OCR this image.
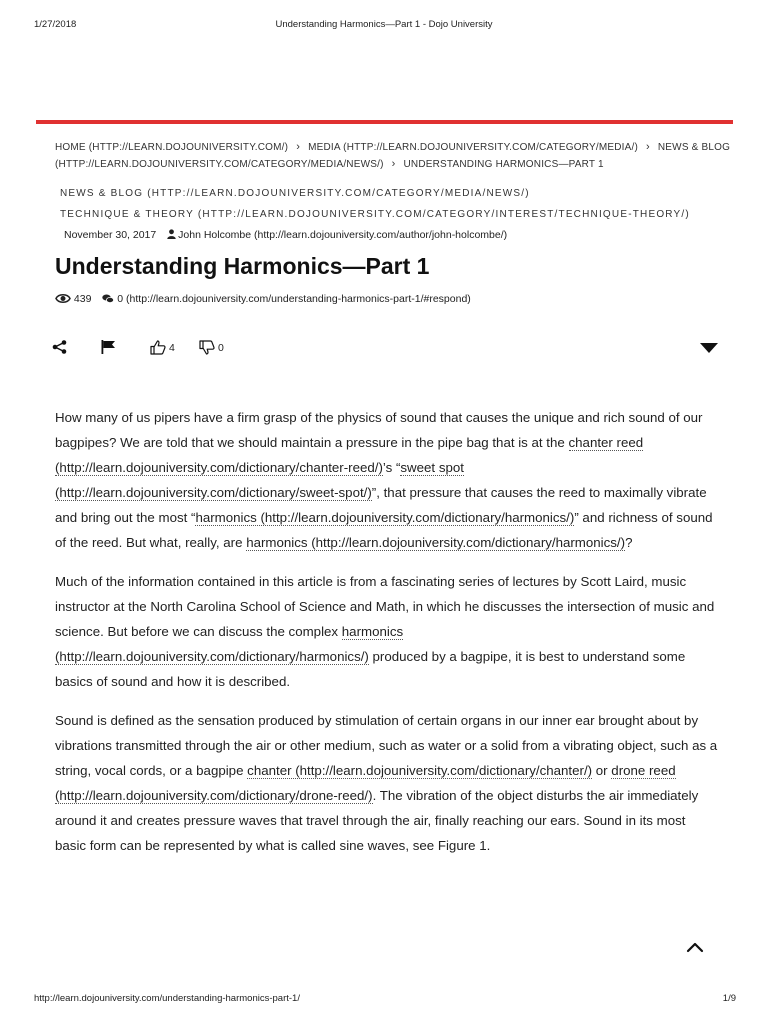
1/27/2018	Understanding Harmonics—Part 1 - Dojo University
HOME (HTTP://LEARN.DOJOUNIVERSITY.COM/) › MEDIA (HTTP://LEARN.DOJOUNIVERSITY.COM/CATEGORY/MEDIA/) › NEWS & BLOG
(HTTP://LEARN.DOJOUNIVERSITY.COM/CATEGORY/MEDIA/NEWS/) › UNDERSTANDING HARMONICS—PART 1
NEWS & BLOG (HTTP://LEARN.DOJOUNIVERSITY.COM/CATEGORY/MEDIA/NEWS/)
TECHNIQUE & THEORY (HTTP://LEARN.DOJOUNIVERSITY.COM/CATEGORY/INTEREST/TECHNIQUE-THEORY/)
November 30, 2017 John Holcombe (http://learn.dojouniversity.com/author/john-holcombe/)
Understanding Harmonics—Part 1
439 0 (http://learn.dojouniversity.com/understanding-harmonics-part-1/#respond)
4	0

How many of us pipers have a firm grasp of the physics of sound that causes the unique and rich sound of our bagpipes? We are told that we should maintain a pressure in the pipe bag that is at the chanter reed (http://learn.dojouniversity.com/dictionary/chanter-reed/)’s “sweet spot (http://learn.dojouniversity.com/dictionary/sweet-spot/)”, that pressure that causes the reed to maximally vibrate and bring out the most “harmonics (http://learn.dojouniversity.com/dictionary/harmonics/)” and richness of sound of the reed. But what, really, are harmonics (http://learn.dojouniversity.com/dictionary/harmonics/)?

Much of the information contained in this article is from a fascinating series of lectures by Scott Laird, music instructor at the North Carolina School of Science and Math, in which he discusses the intersection of music and science. But before we can discuss the complex harmonics (http://learn.dojouniversity.com/dictionary/harmonics/) produced by a bagpipe, it is best to understand some basics of sound and how it is described.

Sound is defined as the sensation produced by stimulation of certain organs in our inner ear brought about by vibrations transmitted through the air or other medium, such as water or a solid from a vibrating object, such as a string, vocal cords, or a bagpipe chanter (http://learn.dojouniversity.com/dictionary/chanter/) or drone reed (http://learn.dojouniversity.com/dictionary/drone-reed/). The vibration of the object disturbs the air immediately around it and creates pressure waves that travel through the air, finally reaching our ears. Sound in its most basic form can be represented by what is called sine waves, see Figure 1.

http://learn.dojouniversity.com/understanding-harmonics-part-1/	1/9
